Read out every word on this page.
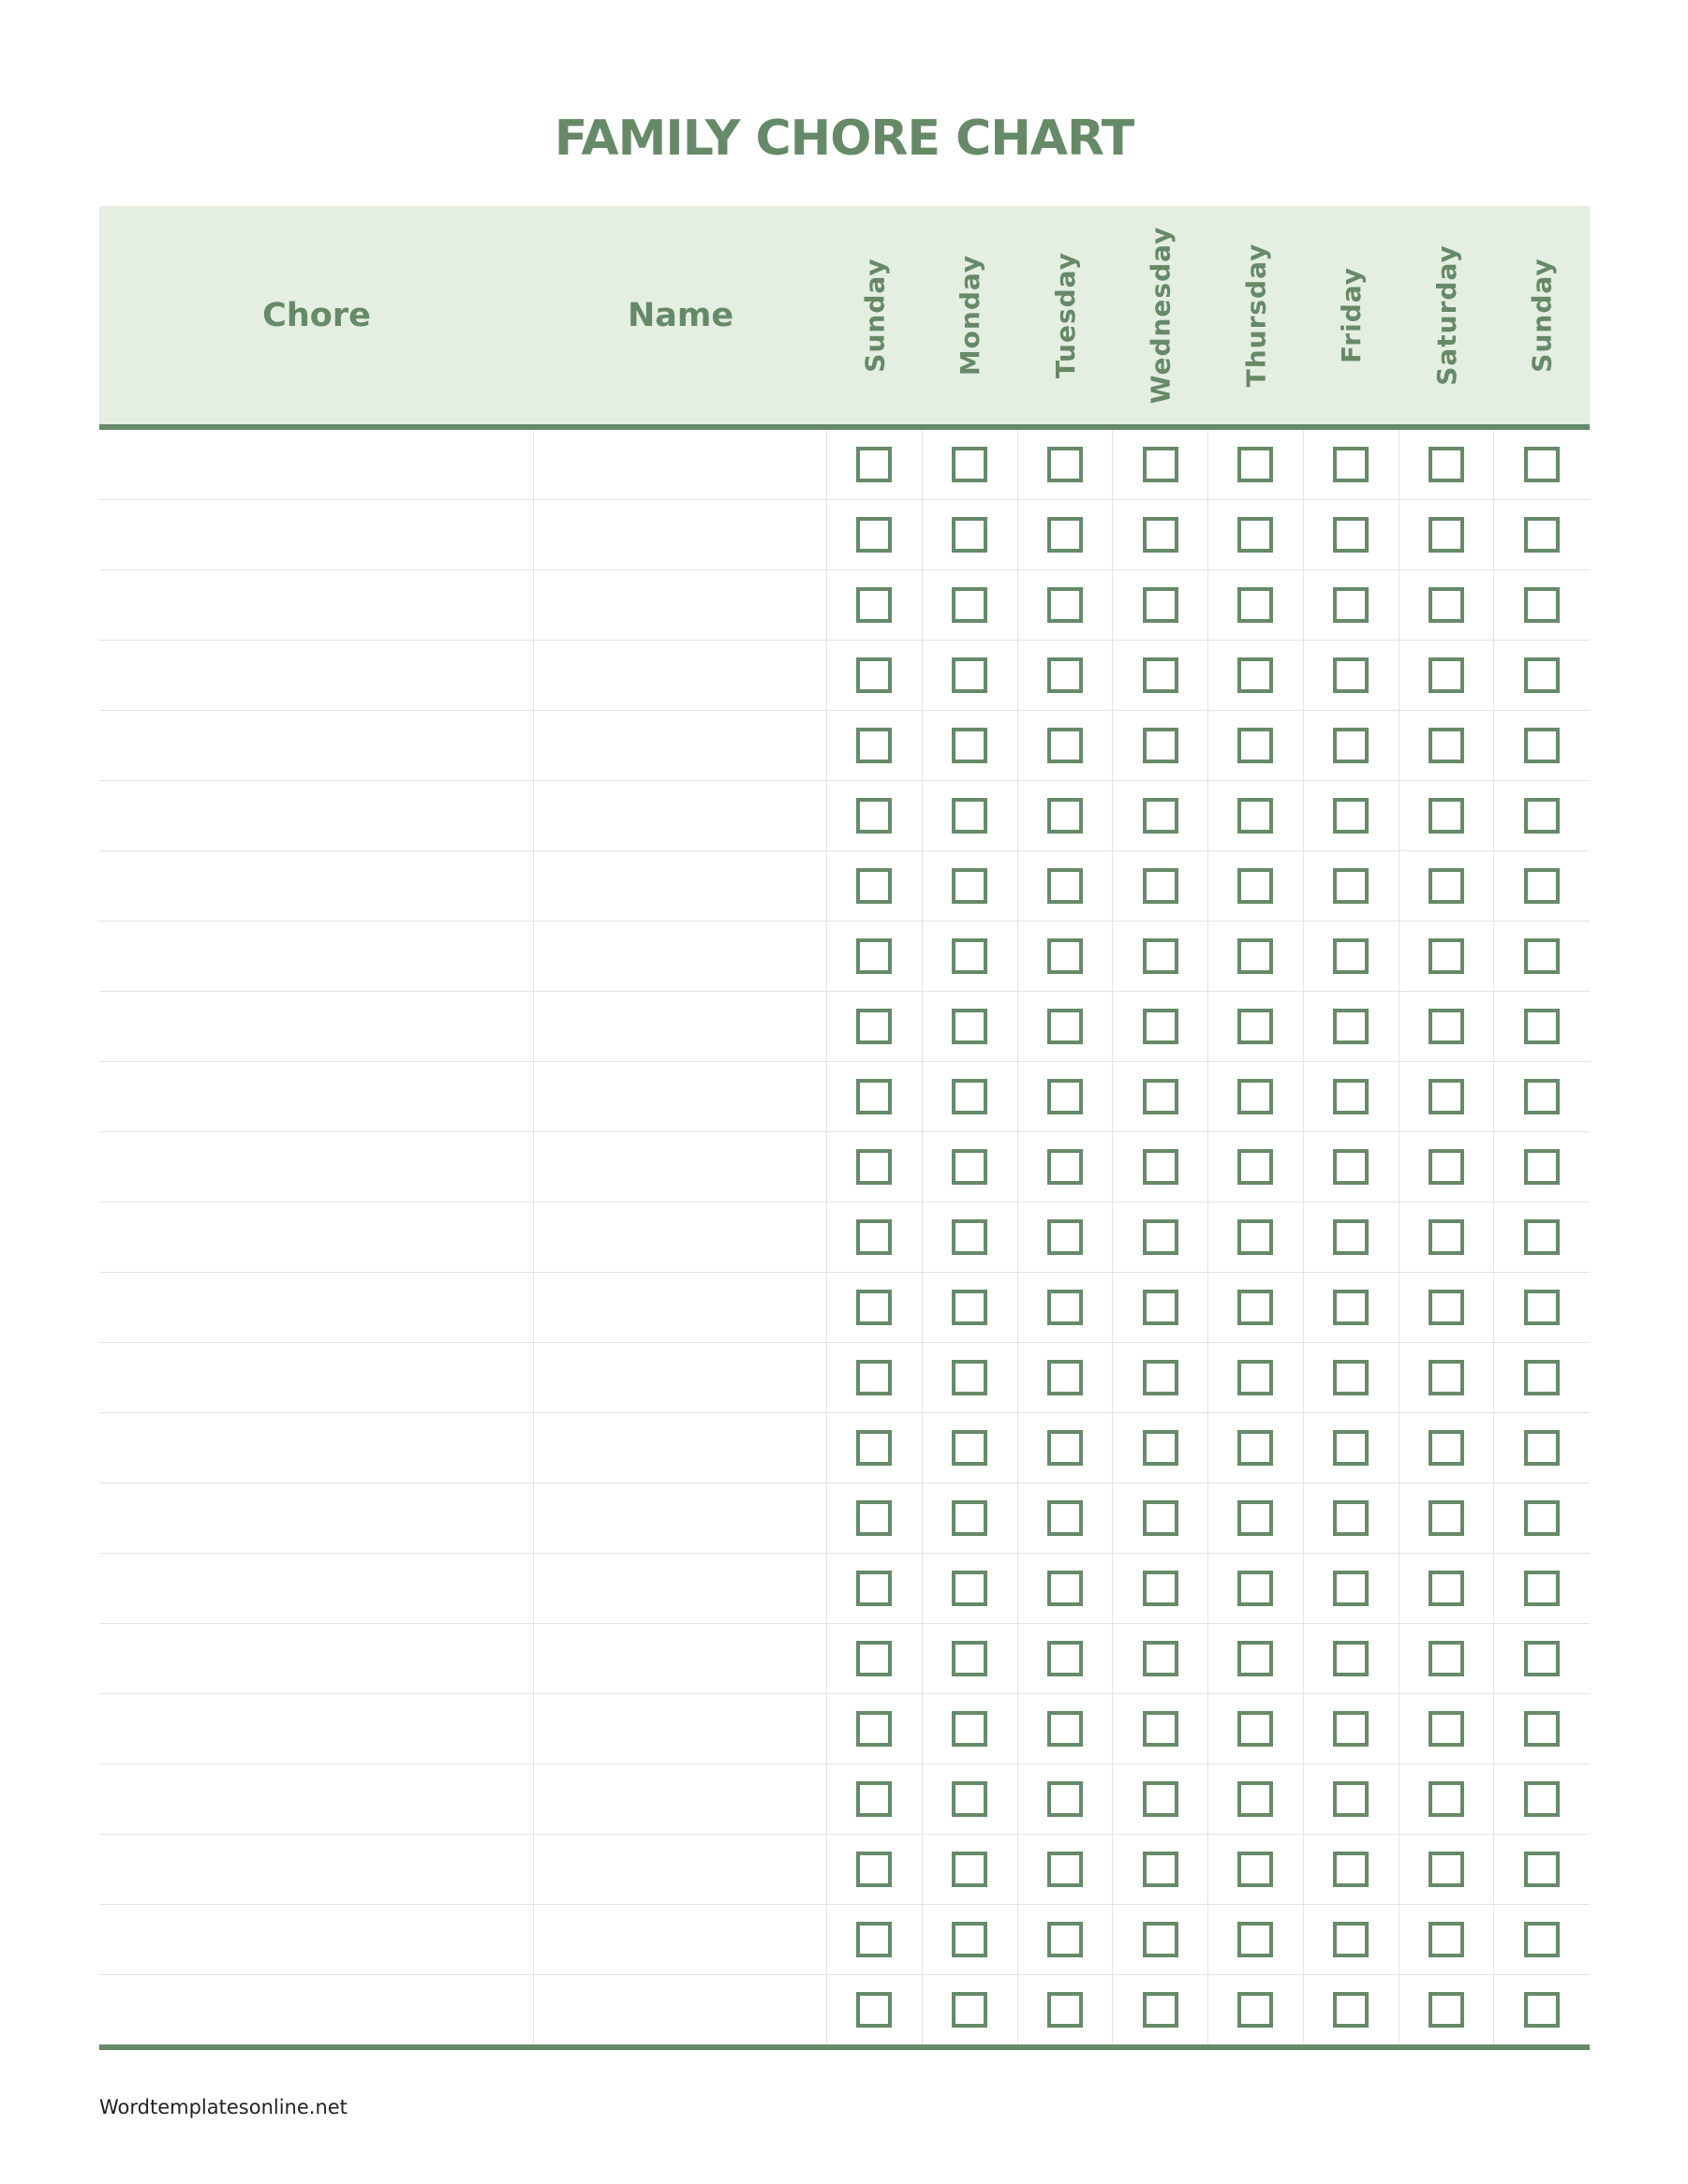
FAMILY CHORE CHART
Chore	Name	Sunday Monday Tuesday Wednesday Thursday Friday Saturday Sunday
Wordtemplatesonline.net
